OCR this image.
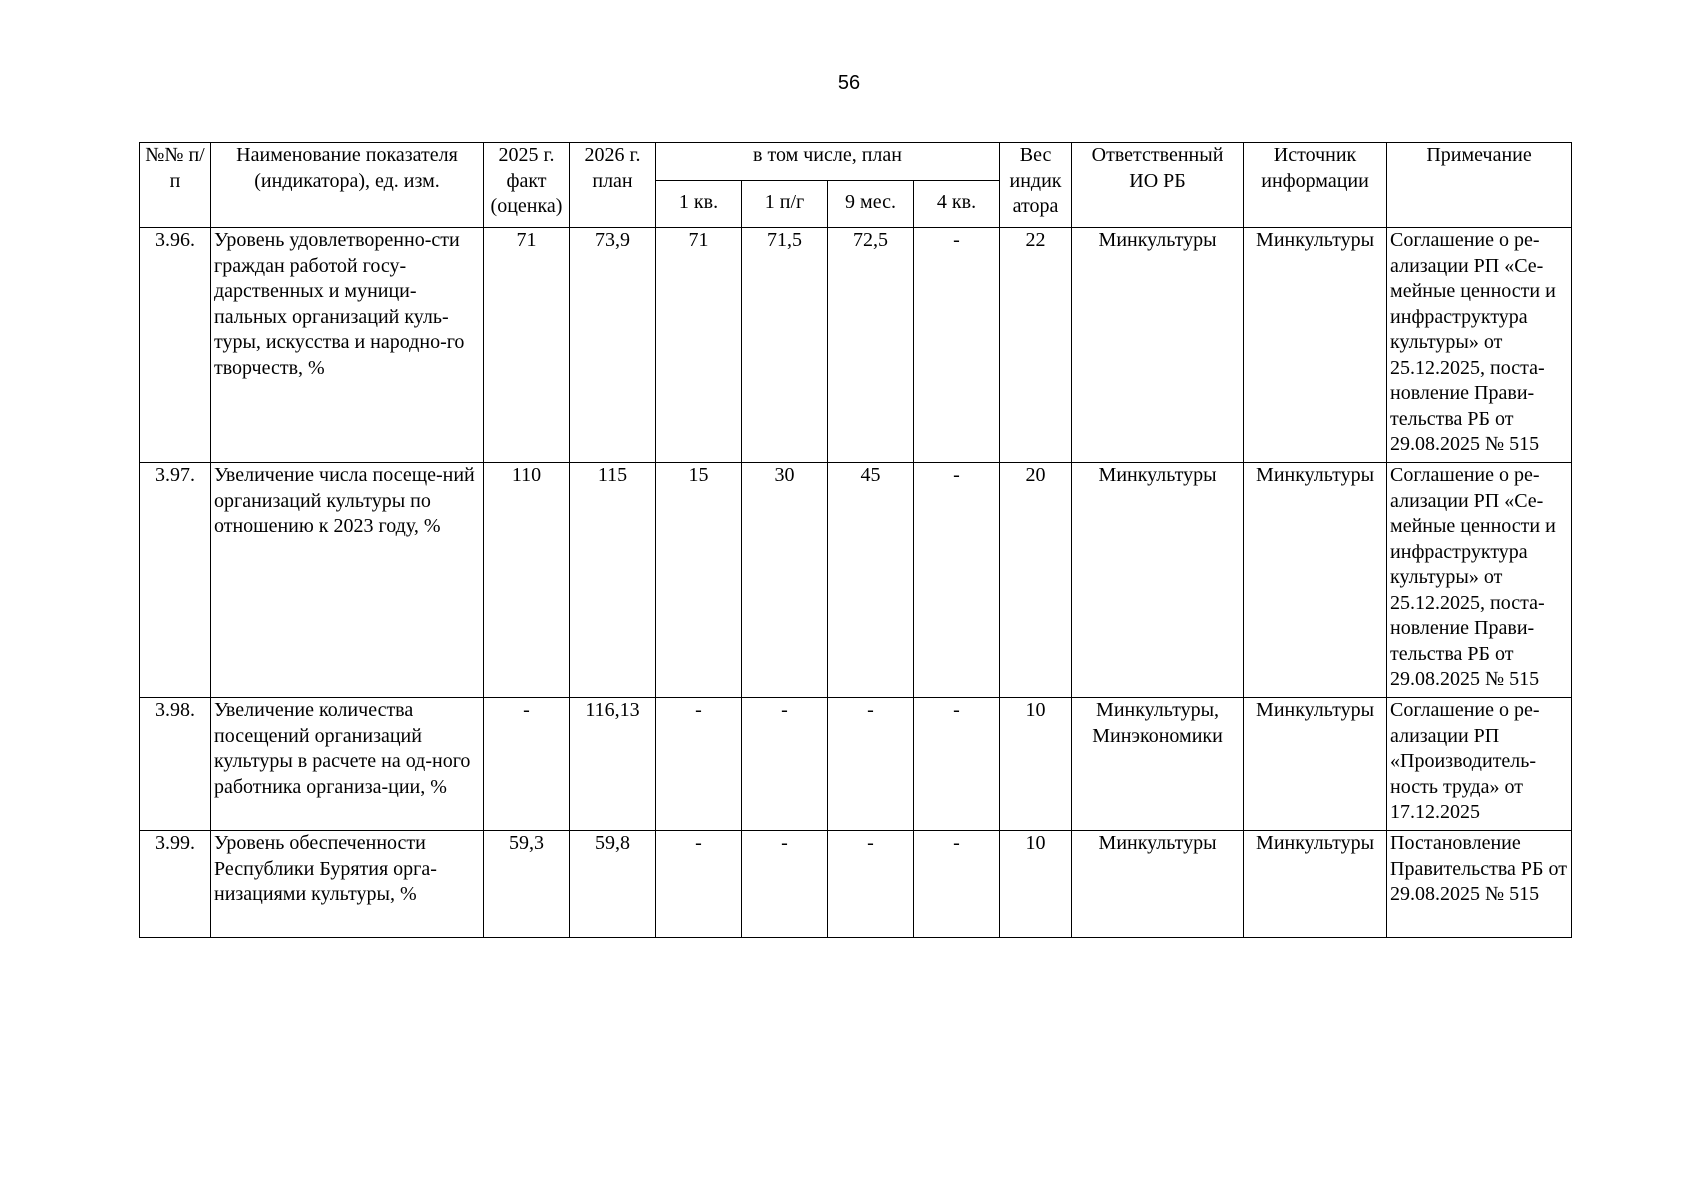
56
№№ п/п	Наименование показателя (индикатора), ед. изм.	2025 г. факт (оценка)	2026 г. план	в том числе, план				Вес индик атора	Ответственный ИО РБ	Источник информации	Примечание
				1 кв.	1 п/г	9 мес.	4 кв.				
3.96.	Уровень удовлетворенно-сти граждан работой госу-дарственных и муници-пальных организаций куль-туры, искусства и народно-го творчеств, %	71	73,9	71	71,5	72,5	-	22	Минкультуры	Минкультуры	Соглашение о ре-ализации РП «Се-мейные ценности и инфраструктура культуры» от 25.12.2025, поста-новление Прави-тельства РБ от 29.08.2025 № 515
3.97.	Увеличение числа посеще-ний организаций культуры по отношению к 2023 году, %	110	115	15	30	45	-	20	Минкультуры	Минкультуры	Соглашение о ре-ализации РП «Се-мейные ценности и инфраструктура культуры» от 25.12.2025, поста-новление Прави-тельства РБ от 29.08.2025 № 515
3.98.	Увеличение количества посещений организаций культуры в расчете на од-ного работника организа-ции, %	-	116,13	-	-	-	-	10	Минкультуры, Минэкономики	Минкультуры	Соглашение о ре-ализации РП «Производитель-ность труда» от 17.12.2025
3.99.	Уровень обеспеченности Республики Бурятия орга-низациями культуры, %	59,3	59,8	-	-	-	-	10	Минкультуры	Минкультуры	Постановление Правительства РБ от 29.08.2025 № 515
